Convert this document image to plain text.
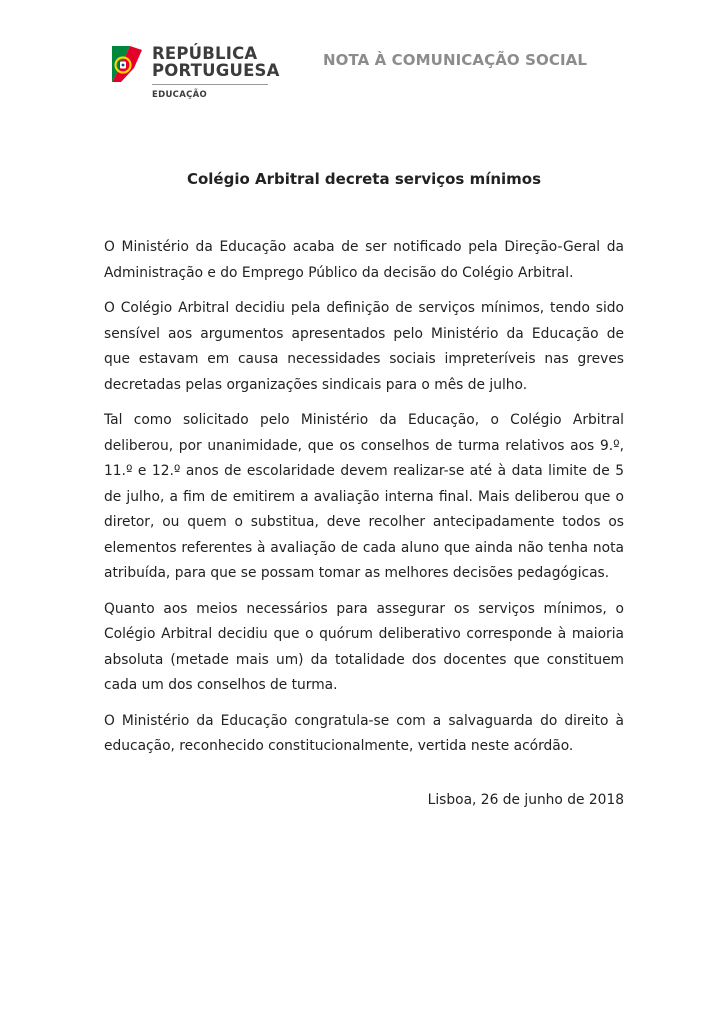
REPÚBLICA
PORTUGUESA
EDUCAÇÃO
NOTA À COMUNICAÇÃO SOCIAL
Colégio Arbitral decreta serviços mínimos

O Ministério da Educação acaba de ser notificado pela Direção-Geral da Administração e do Emprego Público da decisão do Colégio Arbitral.

O Colégio Arbitral decidiu pela definição de serviços mínimos, tendo sido sensível aos argumentos apresentados pelo Ministério da Educação de que estavam em causa necessidades sociais impreteríveis nas greves decretadas pelas organizações sindicais para o mês de julho.

Tal como solicitado pelo Ministério da Educação, o Colégio Arbitral deliberou, por unanimidade, que os conselhos de turma relativos aos 9.º, 11.º e 12.º anos de escolaridade devem realizar-se até à data limite de 5 de julho, a fim de emitirem a avaliação interna final. Mais deliberou que o diretor, ou quem o substitua, deve recolher antecipadamente todos os elementos referentes à avaliação de cada aluno que ainda não tenha nota atribuída, para que se possam tomar as melhores decisões pedagógicas.

Quanto aos meios necessários para assegurar os serviços mínimos, o Colégio Arbitral decidiu que o quórum deliberativo corresponde à maioria absoluta (metade mais um) da totalidade dos docentes que constituem cada um dos conselhos de turma.

O Ministério da Educação congratula-se com a salvaguarda do direito à educação, reconhecido constitucionalmente, vertida neste acórdão.

Lisboa, 26 de junho de 2018
